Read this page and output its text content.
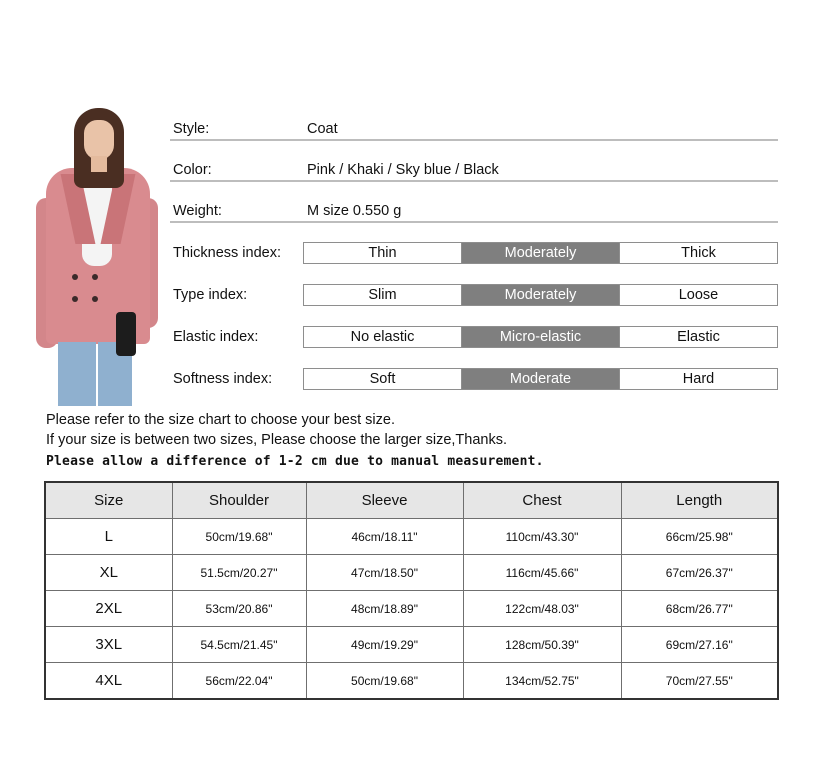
Style:	Coat
Color:	Pink / Khaki / Sky blue / Black
Weight:	M size 0.550 g
Thickness index:	Thin	Moderately	Thick
Type index:	Slim	Moderately	Loose
Elastic index:	No elastic	Micro-elastic	Elastic
Softness index:	Soft	Moderate	Hard
Please refer to the size chart to choose your best size.
If your size is between two sizes, Please choose the larger size,Thanks.
Please allow a difference of 1-2 cm due to manual measurement.
Size	Shoulder	Sleeve	Chest	Length
L	50cm/19.68"	46cm/18.11"	110cm/43.30"	66cm/25.98"
XL	51.5cm/20.27"	47cm/18.50"	116cm/45.66"	67cm/26.37"
2XL	53cm/20.86"	48cm/18.89"	122cm/48.03"	68cm/26.77"
3XL	54.5cm/21.45"	49cm/19.29"	128cm/50.39"	69cm/27.16"
4XL	56cm/22.04"	50cm/19.68"	134cm/52.75"	70cm/27.55"
